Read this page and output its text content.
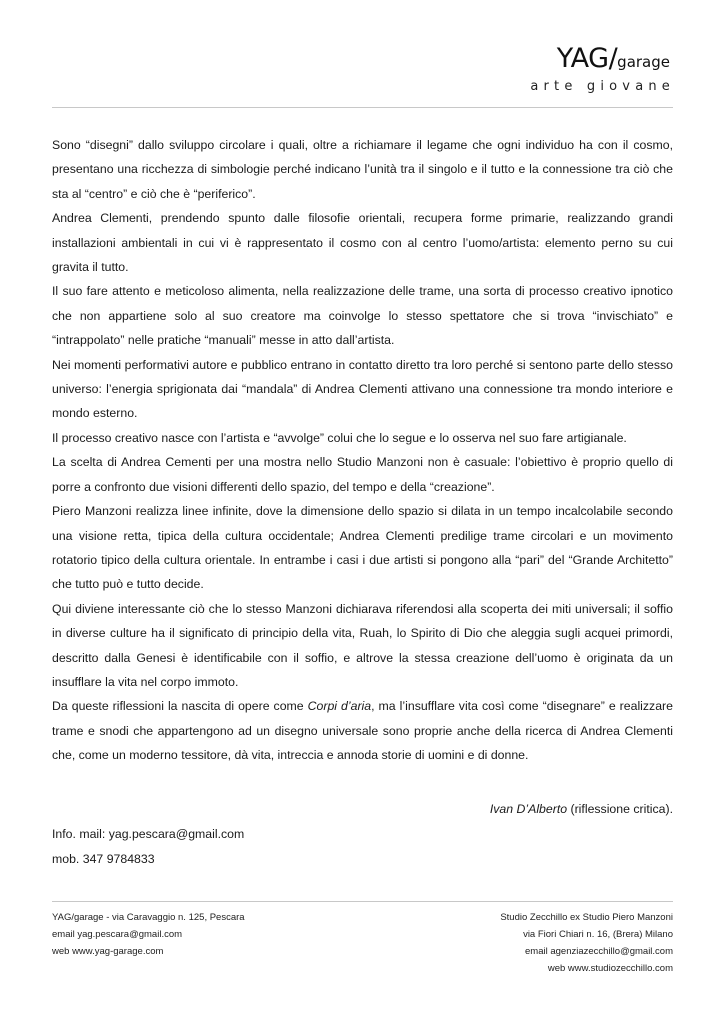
YAG/garage
arte giovane

Sono “disegni” dallo sviluppo circolare i quali, oltre a richiamare il legame che ogni individuo ha con il cosmo, presentano una ricchezza di simbologie perché indicano l’unità tra il singolo e il tutto e la connessione tra ciò che sta al “centro” e ciò che è “periferico”.

Andrea Clementi, prendendo spunto dalle filosofie orientali, recupera forme primarie, realizzando grandi installazioni ambientali in cui vi è rappresentato il cosmo con al centro l’uomo/artista: elemento perno su cui gravita il tutto.

Il suo fare attento e meticoloso alimenta, nella realizzazione delle trame, una sorta di processo creativo ipnotico che non appartiene solo al suo creatore ma coinvolge lo stesso spettatore che si trova “invischiato” e “intrappolato” nelle pratiche “manuali” messe in atto dall’artista.

Nei momenti performativi autore e pubblico entrano in contatto diretto tra loro perché si sentono parte dello stesso universo: l’energia sprigionata dai “mandala” di Andrea Clementi attivano una connessione tra mondo interiore e mondo esterno.

Il processo creativo nasce con l’artista e “avvolge” colui che lo segue e lo osserva nel suo fare artigianale.

La scelta di Andrea Cementi per una mostra nello Studio Manzoni non è casuale: l’obiettivo è proprio quello di porre a confronto due visioni differenti dello spazio, del tempo e della “creazione”.

Piero Manzoni realizza linee infinite, dove la dimensione dello spazio si dilata in un tempo incalcolabile secondo una visione retta, tipica della cultura occidentale; Andrea Clementi predilige trame circolari e un movimento rotatorio tipico della cultura orientale. In entrambe i casi i due artisti si pongono alla “pari” del “Grande Architetto” che tutto può e tutto decide.

Qui diviene interessante ciò che lo stesso Manzoni dichiarava riferendosi alla scoperta dei miti universali; il soffio in diverse culture ha il significato di principio della vita, Ruah, lo Spirito di Dio che aleggia sugli acquei primordi, descritto dalla Genesi è identificabile con il soffio, e altrove la stessa creazione dell’uomo è originata da un insufflare la vita nel corpo immoto.

Da queste riflessioni la nascita di opere come Corpi d’aria, ma l’insufflare vita così come “disegnare” e realizzare trame e snodi che appartengono ad un disegno universale sono proprie anche della ricerca di Andrea Clementi che, come un moderno tessitore, dà vita, intreccia e annoda storie di uomini e di donne.

Ivan D’Alberto (riflessione critica).
Info. mail: yag.pescara@gmail.com
mob. 347 9784833
YAG/garage - via Caravaggio n. 125, Pescara
email yag.pescara@gmail.com
web www.yag-garage.com
Studio Zecchillo ex Studio Piero Manzoni
via Fiori Chiari n. 16, (Brera) Milano
email agenziazecchillo@gmail.com
web www.studiozecchillo.com
